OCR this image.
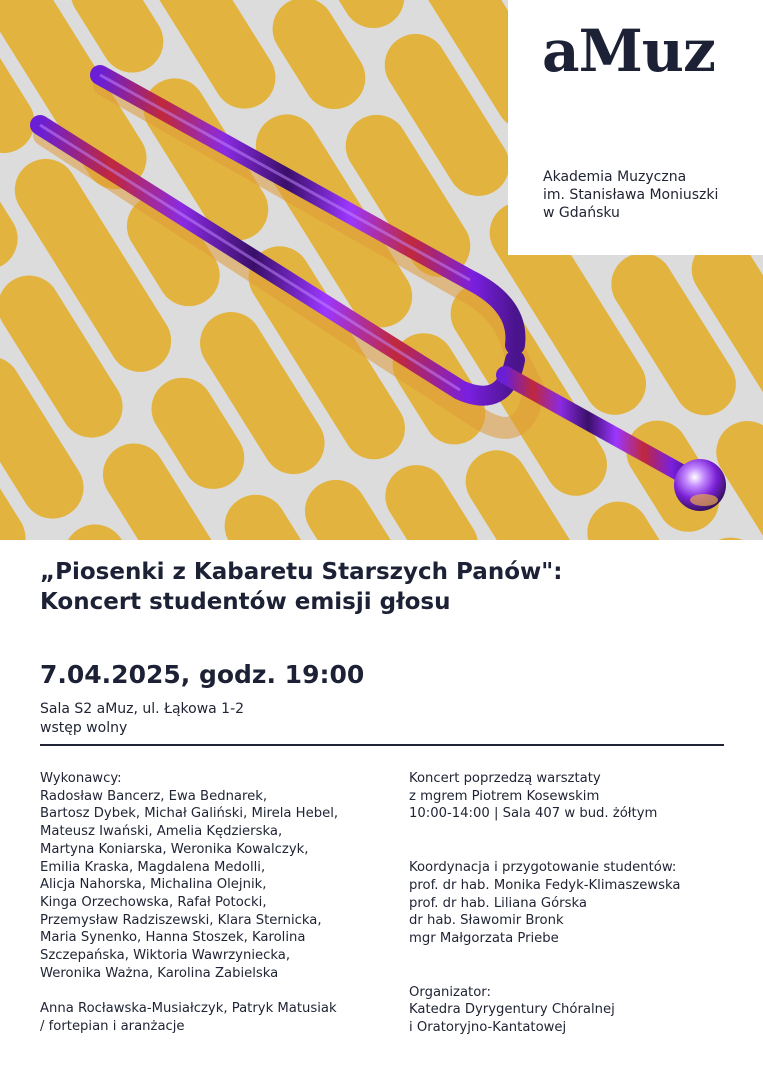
aMuz
Akademia Muzyczna
im. Stanisława Moniuszki
w Gdańsku
„Piosenki z Kabaretu Starszych Panów":
Koncert studentów emisji głosu
7.04.2025, godz. 19:00
Sala S2 aMuz, ul. Łąkowa 1-2
wstęp wolny
Wykonawcy:
Radosław Bancerz, Ewa Bednarek,
Bartosz Dybek, Michał Galiński, Mirela Hebel,
Mateusz Iwański, Amelia Kędzierska,
Martyna Koniarska, Weronika Kowalczyk,
Emilia Kraska, Magdalena Medolli,
Alicja Nahorska, Michalina Olejnik,
Kinga Orzechowska, Rafał Potocki,
Przemysław Radziszewski, Klara Sternicka,
Maria Synenko, Hanna Stoszek, Karolina
Szczepańska, Wiktoria Wawrzyniecka,
Weronika Ważna, Karolina Zabielska
Anna Rocławska-Musiałczyk, Patryk Matusiak
/ fortepian i aranżacje
Koncert poprzedzą warsztaty
z mgrem Piotrem Kosewskim
10:00-14:00 | Sala 407 w bud. żółtym
Koordynacja i przygotowanie studentów:
prof. dr hab. Monika Fedyk-Klimaszewska
prof. dr hab. Liliana Górska
dr hab. Sławomir Bronk
mgr Małgorzata Priebe
Organizator:
Katedra Dyrygentury Chóralnej
i Oratoryjno-Kantatowej
